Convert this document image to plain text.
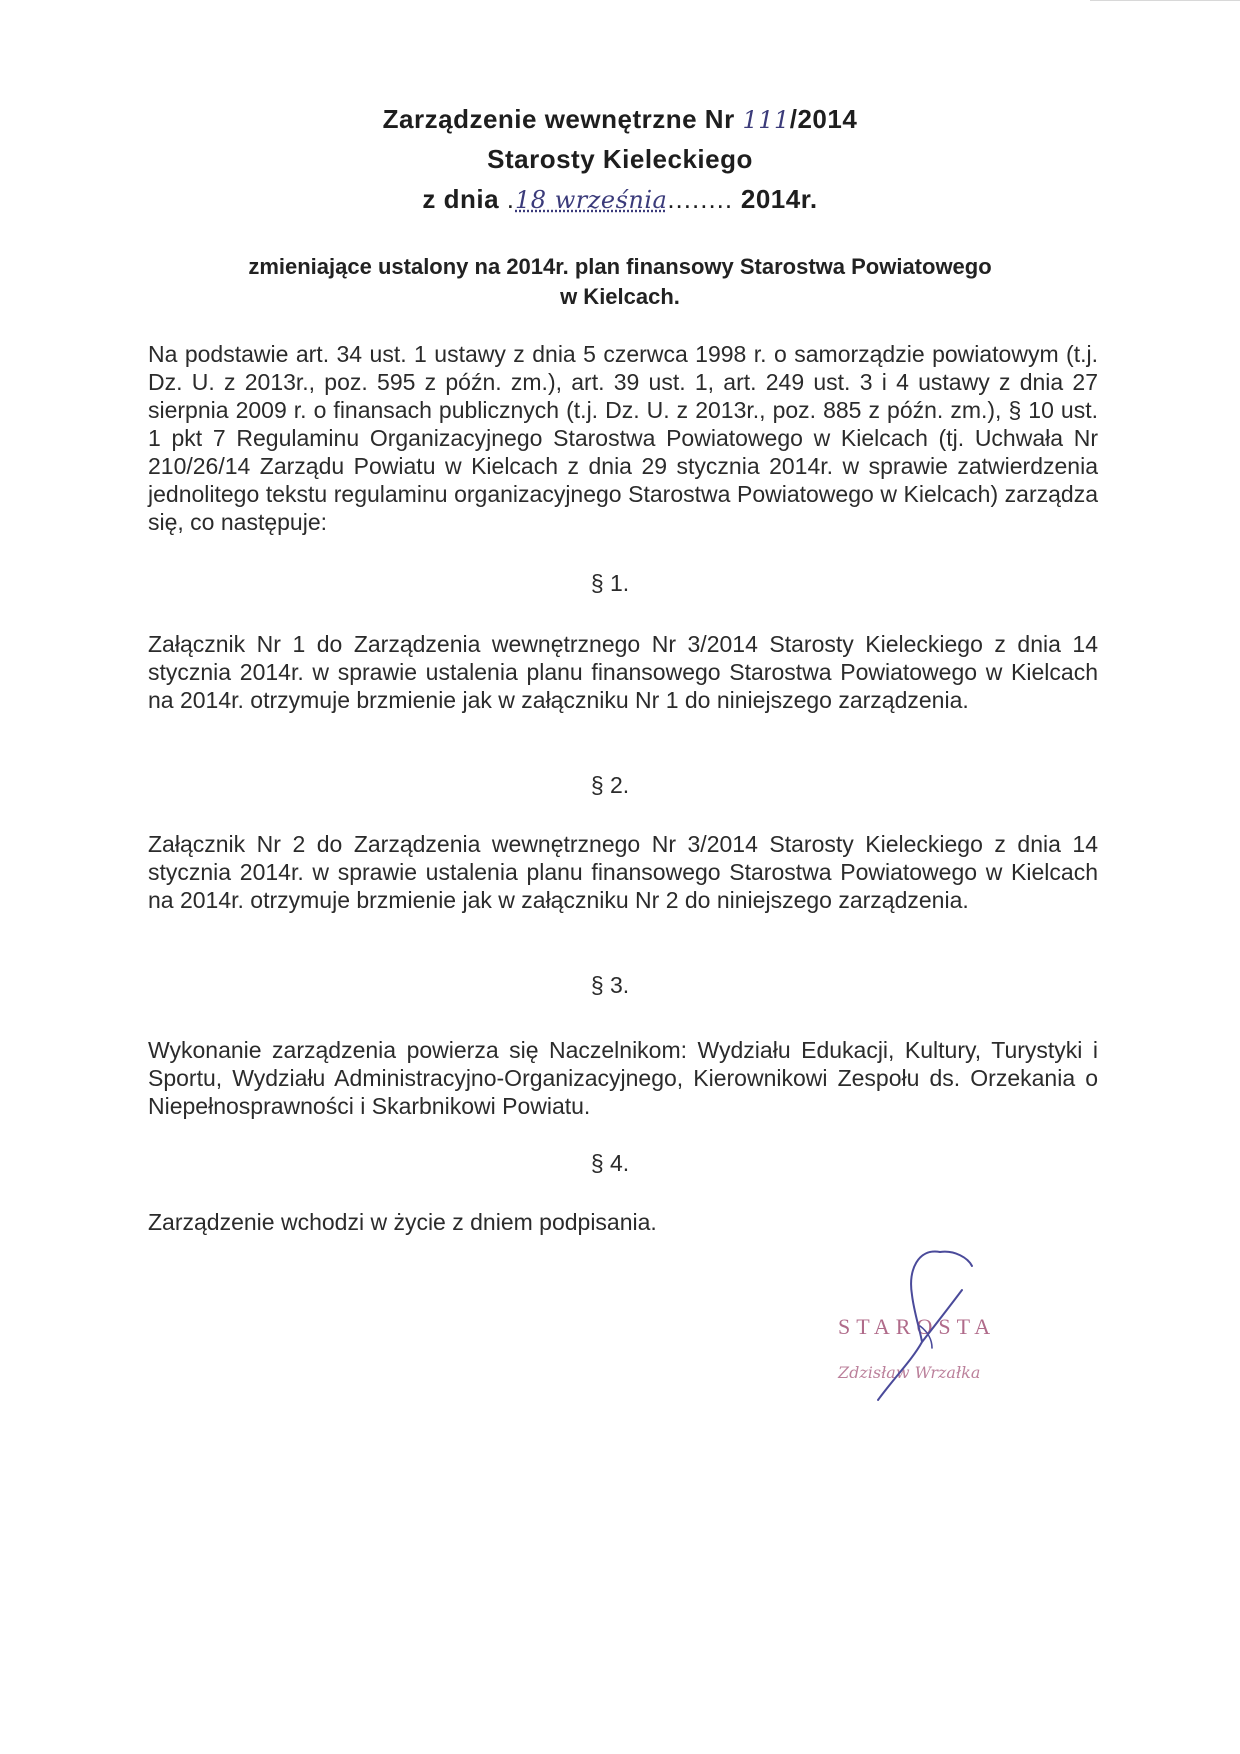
Zarządzenie wewnętrzne Nr 111/2014
Starosty Kieleckiego
z dnia .18 września........ 2014r.
zmieniające ustalony na 2014r. plan finansowy Starostwa Powiatowego
w Kielcach.
Na podstawie art. 34 ust. 1 ustawy z dnia 5 czerwca 1998 r. o samorządzie powiatowym (t.j. Dz. U. z 2013r., poz. 595 z późn. zm.), art. 39 ust. 1, art. 249 ust. 3 i 4 ustawy z dnia 27 sierpnia 2009 r. o finansach publicznych (t.j. Dz. U. z 2013r., poz. 885 z późn. zm.), § 10 ust. 1 pkt 7 Regulaminu Organizacyjnego Starostwa Powiatowego w Kielcach (tj. Uchwała Nr 210/26/14 Zarządu Powiatu w Kielcach z dnia 29 stycznia 2014r. w sprawie zatwierdzenia jednolitego tekstu regulaminu organizacyjnego Starostwa Powiatowego w Kielcach) zarządza się, co następuje:
§ 1.
Załącznik Nr 1 do Zarządzenia wewnętrznego Nr 3/2014 Starosty Kieleckiego z dnia 14 stycznia 2014r. w sprawie ustalenia planu finansowego Starostwa Powiatowego w Kielcach na 2014r. otrzymuje brzmienie jak w załączniku Nr 1 do niniejszego zarządzenia.
§ 2.
Załącznik Nr 2 do Zarządzenia wewnętrznego Nr 3/2014 Starosty Kieleckiego z dnia 14 stycznia 2014r. w sprawie ustalenia planu finansowego Starostwa Powiatowego w Kielcach na 2014r. otrzymuje brzmienie jak w załączniku Nr 2 do niniejszego zarządzenia.
§ 3.
Wykonanie zarządzenia powierza się Naczelnikom: Wydziału Edukacji, Kultury, Turystyki i Sportu, Wydziału Administracyjno-Organizacyjnego, Kierownikowi Zespołu ds. Orzekania o Niepełnosprawności i Skarbnikowi Powiatu.
§ 4.
Zarządzenie wchodzi w życie z dniem podpisania.
STAROSTA
Zdzisław Wrzałka
